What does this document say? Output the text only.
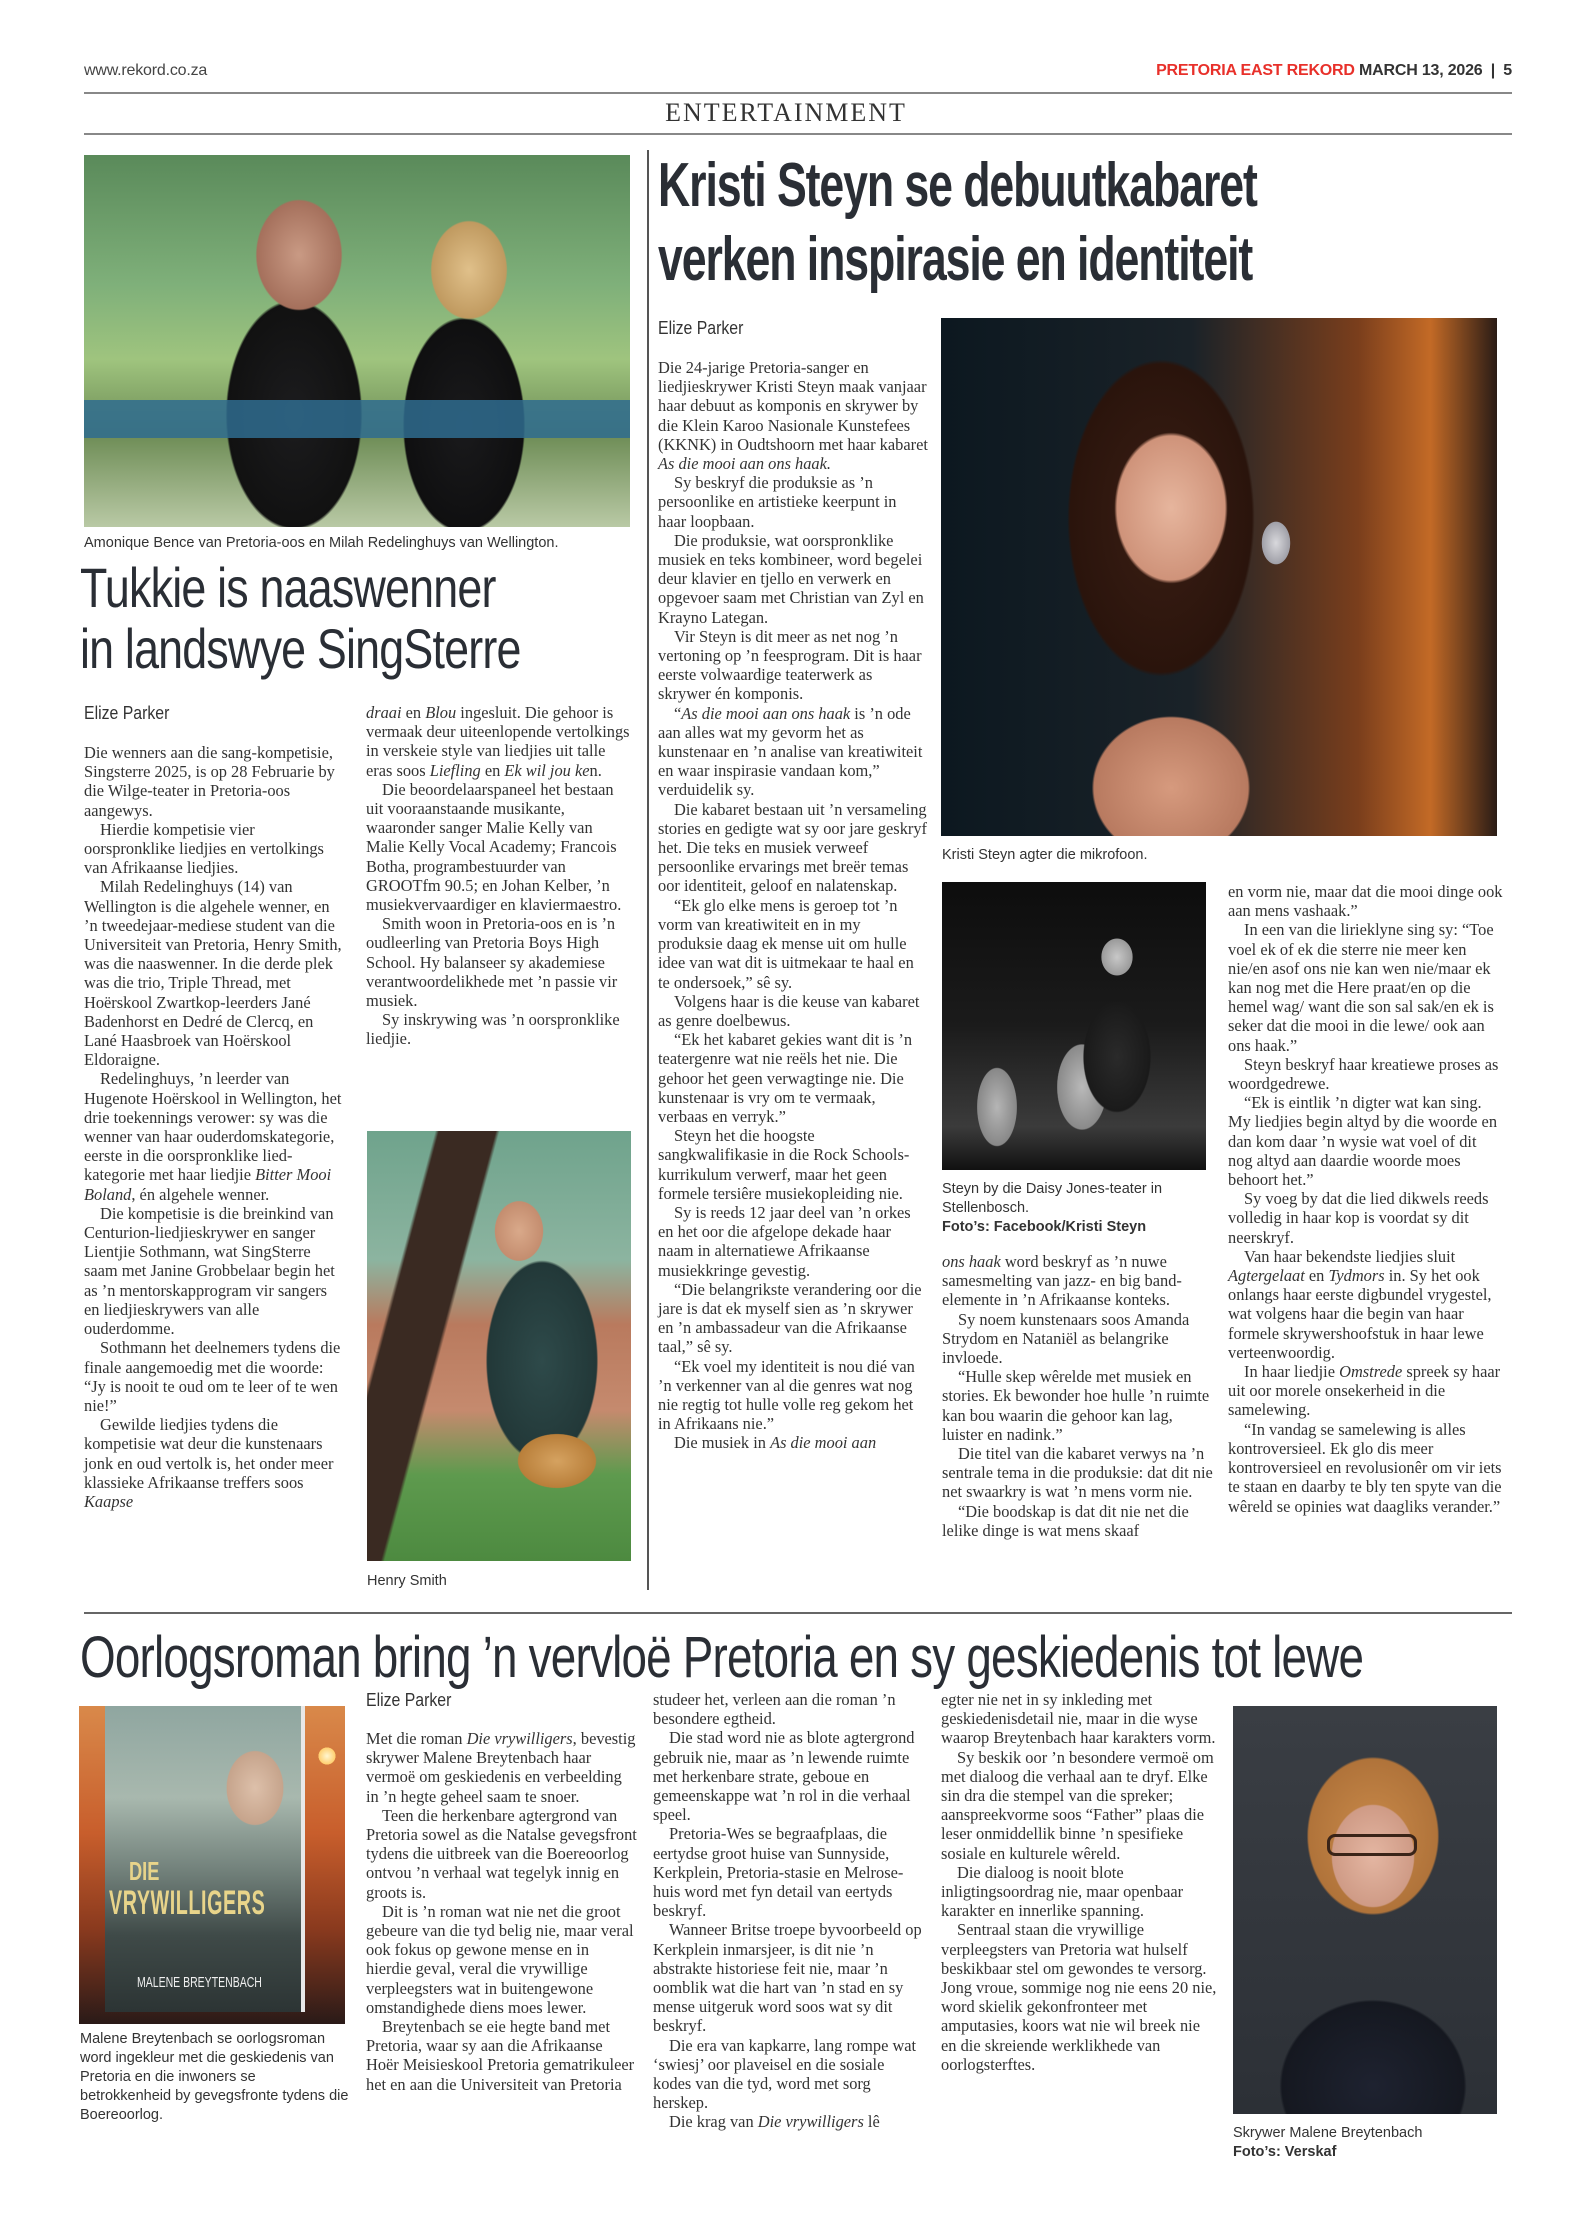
www.rekord.co.za	PRETORIA EAST REKORD MARCH 13, 2026 | 5
ENTERTAINMENT
Amonique Bence van Pretoria-oos en Milah Redelinghuys van Wellington.
Tukkie is naaswenner
in landswye SingSterre
Elize Parker

Die wenners aan die sang-kompetisie, Singsterre 2025, is op 28 Februarie by die Wilge-teater in Pretoria-oos aangewys.

Hierdie kompetisie vier oorspronklike liedjies en vertolkings van Afrikaanse liedjies.

Milah Redelinghuys (14) van Wellington is die algehele wenner, en ’n tweedejaar-mediese student van die Universiteit van Pretoria, Henry Smith, was die naaswenner. In die derde plek was die trio, Triple Thread, met Hoërskool Zwartkop-leerders Jané Badenhorst en Dedré de Clercq, en Lané Haasbroek van Hoërskool Eldoraigne.

Redelinghuys, ’n leerder van Hugenote Hoërskool in Wellington, het drie toekennings verower: sy was die wenner van haar ouderdomskategorie, eerste in die oorspronklike lied-kategorie met haar liedjie Bitter Mooi Boland, én algehele wenner.

Die kompetisie is die breinkind van Centurion-liedjieskrywer en sanger Lientjie Sothmann, wat SingSterre saam met Janine Grobbelaar begin het as ’n mentorskapprogram vir sangers en liedjieskrywers van alle ouderdomme.

Sothmann het deelnemers tydens die finale aangemoedig met die woorde: “Jy is nooit te oud om te leer of te wen nie!”

Gewilde liedjies tydens die kompetisie wat deur die kunstenaars jonk en oud vertolk is, het onder meer klassieke Afrikaanse treffers soos Kaapse

draai en Blou ingesluit. Die gehoor is vermaak deur uiteenlopende vertolkings in verskeie style van liedjies uit talle eras soos Liefling en Ek wil jou ken.

Die beoordelaarspaneel het bestaan uit vooraanstaande musikante, waaronder sanger Malie Kelly van Malie Kelly Vocal Academy; Francois Botha, programbestuurder van GROOTfm 90.5; en Johan Kelber, ’n musiekvervaardiger en klaviermaestro.

Smith woon in Pretoria-oos en is ’n oudleerling van Pretoria Boys High School. Hy balanseer sy akademiese verantwoordelikhede met ’n passie vir musiek.

Sy inskrywing was ’n oorspronklike liedjie.

Henry Smith
Kristi Steyn se debuutkabaret
verken inspirasie en identiteit
Elize Parker

Die 24-jarige Pretoria-sanger en liedjieskrywer Kristi Steyn maak vanjaar haar debuut as komponis en skrywer by die Klein Karoo Nasionale Kunstefees (KKNK) in Oudtshoorn met haar kabaret As die mooi aan ons haak.

Sy beskryf die produksie as ’n persoonlike en artistieke keerpunt in haar loopbaan.

Die produksie, wat oorspronklike musiek en teks kombineer, word begelei deur klavier en tjello en verwerk en opgevoer saam met Christian van Zyl en Krayno Lategan.

Vir Steyn is dit meer as net nog ’n vertoning op ’n feesprogram. Dit is haar eerste volwaardige teaterwerk as skrywer én komponis.

“As die mooi aan ons haak is ’n ode aan alles wat my gevorm het as kunstenaar en ’n analise van kreatiwiteit en waar inspirasie vandaan kom,” verduidelik sy.

Die kabaret bestaan uit ’n versameling stories en gedigte wat sy oor jare geskryf het. Die teks en musiek verweef persoonlike ervarings met breër temas oor identiteit, geloof en nalatenskap.

“Ek glo elke mens is geroep tot ’n vorm van kreatiwiteit en in my produksie daag ek mense uit om hulle idee van wat dit is uitmekaar te haal en te ondersoek,” sê sy.

Volgens haar is die keuse van kabaret as genre doelbewus.

“Ek het kabaret gekies want dit is ’n teatergenre wat nie reëls het nie. Die gehoor het geen verwagtinge nie. Die kunstenaar is vry om te vermaak, verbaas en verryk.”

Steyn het die hoogste sangkwalifikasie in die Rock Schools-kurrikulum verwerf, maar het geen formele tersiêre musiekopleiding nie.

Sy is reeds 12 jaar deel van ’n orkes en het oor die afgelope dekade haar naam in alternatiewe Afrikaanse musiekkringe gevestig.

“Die belangrikste verandering oor die jare is dat ek myself sien as ’n skrywer en ’n ambassadeur van die Afrikaanse taal,” sê sy.

“Ek voel my identiteit is nou dié van ’n verkenner van al die genres wat nog nie regtig tot hulle volle reg gekom het in Afrikaans nie.”

Die musiek in As die mooi aan

Kristi Steyn agter die mikrofoon.
Steyn by die Daisy Jones-teater in Stellenbosch.
Foto’s: Facebook/Kristi Steyn

ons haak word beskryf as ’n nuwe samesmelting van jazz- en big band-elemente in ’n Afrikaanse konteks.

Sy noem kunstenaars soos Amanda Strydom en Nataniël as belangrike invloede.

“Hulle skep wêrelde met musiek en stories. Ek bewonder hoe hulle ’n ruimte kan bou waarin die gehoor kan lag, luister en nadink.”

Die titel van die kabaret verwys na ’n sentrale tema in die produksie: dat dit nie net swaarkry is wat ’n mens vorm nie.

“Die boodskap is dat dit nie net die lelike dinge is wat mens skaaf

en vorm nie, maar dat die mooi dinge ook aan mens vashaak.”

In een van die lirieklyne sing sy: “Toe voel ek of ek die sterre nie meer ken nie/en asof ons nie kan wen nie/maar ek kan nog met die Here praat/en op die hemel wag/ want die son sal sak/en ek is seker dat die mooi in die lewe/ ook aan ons haak.”

Steyn beskryf haar kreatiewe proses as woordgedrewe.

“Ek is eintlik ’n digter wat kan sing. My liedjies begin altyd by die woorde en dan kom daar ’n wysie wat voel of dit nog altyd aan daardie woorde moes behoort het.”

Sy voeg by dat die lied dikwels reeds volledig in haar kop is voordat sy dit neerskryf.

Van haar bekendste liedjies sluit Agtergelaat en Tydmors in. Sy het ook onlangs haar eerste digbundel vrygestel, wat volgens haar die begin van haar formele skrywershoofstuk in haar lewe verteenwoordig.

In haar liedjie Omstrede spreek sy haar uit oor morele onsekerheid in die samelewing.

“In vandag se samelewing is alles kontroversieel. Ek glo dis meer kontroversieel en revolusionêr om vir iets te staan en daarby te bly ten spyte van die wêreld se opinies wat daagliks verander.”

Oorlogsroman bring ’n vervloë Pretoria en sy geskiedenis tot lewe
DIE
VRYWILLIGERS
MALENE BREYTENBACH
Malene Breytenbach se oorlogsroman word ingekleur met die geskiedenis van Pretoria en die inwoners se betrokkenheid by gevegsfronte tydens die Boereoorlog.
Elize Parker

Met die roman Die vrywilligers, bevestig skrywer Malene Breytenbach haar vermoë om geskiedenis en verbeelding in ’n hegte geheel saam te snoer.

Teen die herkenbare agtergrond van Pretoria sowel as die Natalse gevegsfront tydens die uitbreek van die Boereoorlog ontvou ’n verhaal wat tegelyk innig en groots is.

Dit is ’n roman wat nie net die groot gebeure van die tyd belig nie, maar veral ook fokus op gewone mense en in hierdie geval, veral die vrywillige verpleegsters wat in buitengewone omstandighede diens moes lewer.

Breytenbach se eie hegte band met Pretoria, waar sy aan die Afrikaanse Hoër Meisieskool Pretoria gematrikuleer het en aan die Universiteit van Pretoria

studeer het, verleen aan die roman ’n besondere egtheid.

Die stad word nie as blote agtergrond gebruik nie, maar as ’n lewende ruimte met herkenbare strate, geboue en gemeenskappe wat ’n rol in die verhaal speel.

Pretoria-Wes se begraafplaas, die eertydse groot huise van Sunnyside, Kerkplein, Pretoria-stasie en Melrose-huis word met fyn detail van eertyds beskryf.

Wanneer Britse troepe byvoorbeeld op Kerkplein inmarsjeer, is dit nie ’n abstrakte historiese feit nie, maar ’n oomblik wat die hart van ’n stad en sy mense uitgeruk word soos wat sy dit beskryf.

Die era van kapkarre, lang rompe wat ‘swiesj’ oor plaveisel en die sosiale kodes van die tyd, word met sorg herskep.

Die krag van Die vrywilligers lê

egter nie net in sy inkleding met geskiedenisdetail nie, maar in die wyse waarop Breytenbach haar karakters vorm.

Sy beskik oor ’n besondere vermoë om met dialoog die verhaal aan te dryf. Elke sin dra die stempel van die spreker; aanspreekvorme soos “Father” plaas die leser onmiddellik binne ’n spesifieke sosiale en kulturele wêreld.

Die dialoog is nooit blote inligtingsoordrag nie, maar openbaar karakter en innerlike spanning.

Sentraal staan die vrywillige verpleegsters van Pretoria wat hulself beskikbaar stel om gewondes te versorg. Jong vroue, sommige nog nie eens 20 nie, word skielik gekonfronteer met amputasies, koors wat nie wil breek nie en die skreiende werklikhede van oorlogsterftes.

Skrywer Malene Breytenbach
Foto’s: Verskaf
